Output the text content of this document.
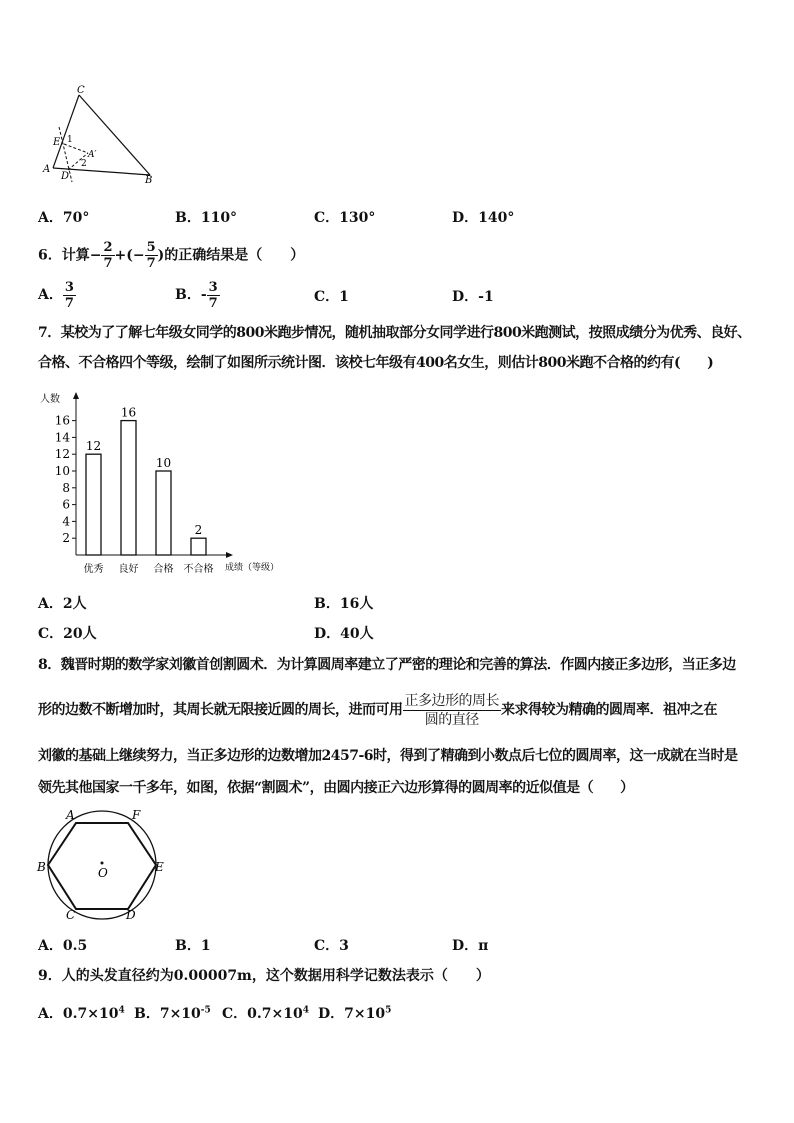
C
E 1
A′
2
A
D	B
A．70°	B．110°	C．130°	D．140°
6．计算− $\frac{2}{7}$ +(− $\frac{5}{7}$ )的正确结果是（　　）
A． $\frac{3}{7}$	B．- $\frac{3}{7}$	C．1	D．-1
7．某校为了了解七年级女同学的800米跑步情况，随机抽取部分女同学进行800米跑测试，按照成绩分为优秀、良好、
合格、不合格四个等级，绘制了如图所示统计图．该校七年级有400名女生，则估计800米跑不合格的约有(　　)
人数
成绩（等级）
2
4
6
8
10
12
14
16
12
优秀
16
良好
10
合格
2
不合格
A．2人	B．16人
C．20人	D．40人
8．魏晋时期的数学家刘徽首创割圆术．为计算圆周率建立了严密的理论和完善的算法．作圆内接正多边形，当正多边
形的边数不断增加时，其周长就无限接近圆的周长，进而可用 $\frac{\text{正多边形的周长}}{\text{圆的直径}}$ 来求得较为精确的圆周率．祖冲之在
刘徽的基础上继续努力，当正多边形的边数增加2457-6时，得到了精确到小数点后七位的圆周率，这一成就在当时是
领先其他国家一千多年，如图，依据“割圆术”，由圆内接正六边形算得的圆周率的近似值是（　　）
A	F
B	E
C	D
O
A．0.5	B．1	C．3	D．π
9．人的头发直径约为0.00007m，这个数据用科学记数法表示（　　）
A．$0.7\times 10^4$ B．$7\times 10^{-5}$ C．$0.7\times 10^4$ D．$7\times 10^5$
